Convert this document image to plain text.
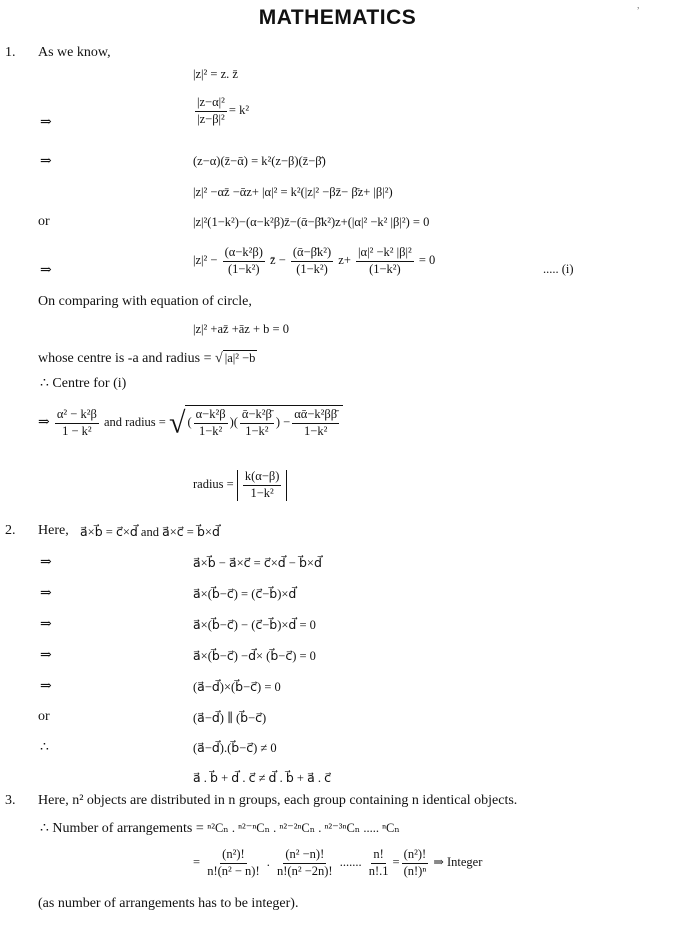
MATHEMATICS
,
1. As we know,
|z|² = z. z̄
⇒	$\frac{\text{|z−α|²}}{\text{|z−β|²}} = k^2$
⇒	(z−α)(z̄−ᾱ) = k²(z−β)(z̄−β̄)
|z|² −αz̄ −ᾱz+ |α|² = k²(|z|² −βz̄− β̄z+ |β|²)
or	|z|²(1−k²)−(α−k²β)z̄−(ᾱ−β̄k²)z+(|α|² −k² |β|²) = 0
⇒
$|z|^2 - \frac{\text{(α−k²β)}}{\text{(1−k²)}}$ z̄ − $\frac{\text{(ᾱ−β̄k²)}}{\text{(1−k²)}} z+ \frac{\text{|α|² −k² |β|²}}{\text{(1−k²)}} = 0$
..... (i)
On comparing with equation of circle,
|z|² +az̄ +āz + b = 0
whose centre is -a and radius = √ |a|² −b
∴ Centre for (i)
⇒ $\frac{\text{α² − k²β}}{\text{1 − k²}}$ and radius = √( $\frac{\text{α−k²β}}{\text{1−k²}}$ )( $\frac{\text{ᾱ−k²β̄}}{\text{1−k²}}$ ) − $\frac{\text{αᾱ−k²ββ̄}}{\text{1−k²}}$
radius = $\frac{k(\alpha-\beta)}{\text{1−k²}}$
2. Here, a⃗×b⃗ = c⃗×d⃗ and a⃗×c⃗ = b⃗×d⃗
⇒	a⃗×b⃗ − a⃗×c⃗ = c⃗×d⃗ − b⃗×d⃗
⇒	a⃗×(b⃗−c⃗) = (c⃗−b⃗)×d⃗
⇒	a⃗×(b⃗−c⃗) − (c⃗−b⃗)×d⃗ = 0
⇒	a⃗×(b⃗−c⃗) −d⃗× (b⃗−c⃗) = 0
⇒	(a⃗−d⃗)×(b⃗−c⃗) = 0
or	(a⃗−d⃗) ∥ (b⃗−c⃗)
∴	(a⃗−d⃗).(b⃗−c⃗) ≠ 0
a⃗ . b⃗ + d⃗ . c⃗ ≠ d⃗ . b⃗ + a⃗ . c⃗
3. Here, n² objects are distributed in n groups, each group containing n identical objects.
∴ Number of arrangements = ⁿ²Cₙ . ⁿ²⁻ⁿCₙ . ⁿ²⁻²ⁿCₙ . ⁿ²⁻³ⁿCₙ ..... ⁿCₙ
= $\frac{\text{(n²)!}}{\text{n!(n² − n)!}}$ . $\frac{\text{(n² −n)!}}{\text{n!(n² −2n)!}}$ ....... $\frac{n!}{n!.1} = \frac{\text{(n²)!}}{\text{(n!)ⁿ}}$ ⇒ Integer
(as number of arrangements has to be integer).
